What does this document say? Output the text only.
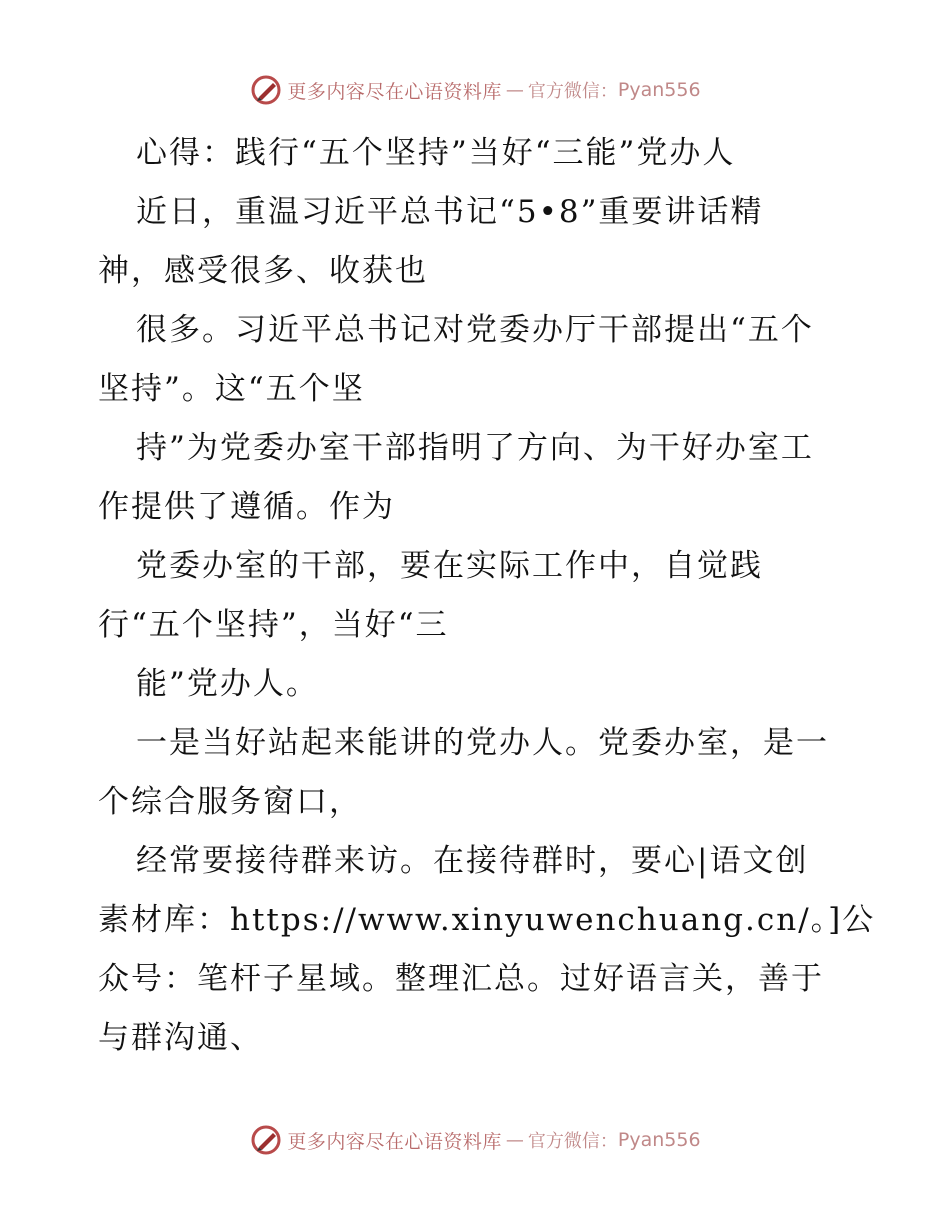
更多内容尽在心语资料库 — 官方微信： Pyan556
心得：践行“五个坚持”当好“三能”党办人
近日，重温习近平总书记“5•8”重要讲话精
神，感受很多、收获也
很多。习近平总书记对党委办厅干部提出“五个
坚持”。这“五个坚
持”为党委办室干部指明了方向、为干好办室工
作提供了遵循。作为
党委办室的干部，要在实际工作中，自觉践
行“五个坚持”，当好“三
能”党办人。
一是当好站起来能讲的党办人。党委办室，是一
个综合服务窗口，
经常要接待群来访。在接待群时，要心|语文创
素材库：https://www.xinyuwenchuang.cn/。]公
众号：笔杆子星域。整理汇总。过好语言关，善于
与群沟通、
更多内容尽在心语资料库 — 官方微信： Pyan556
